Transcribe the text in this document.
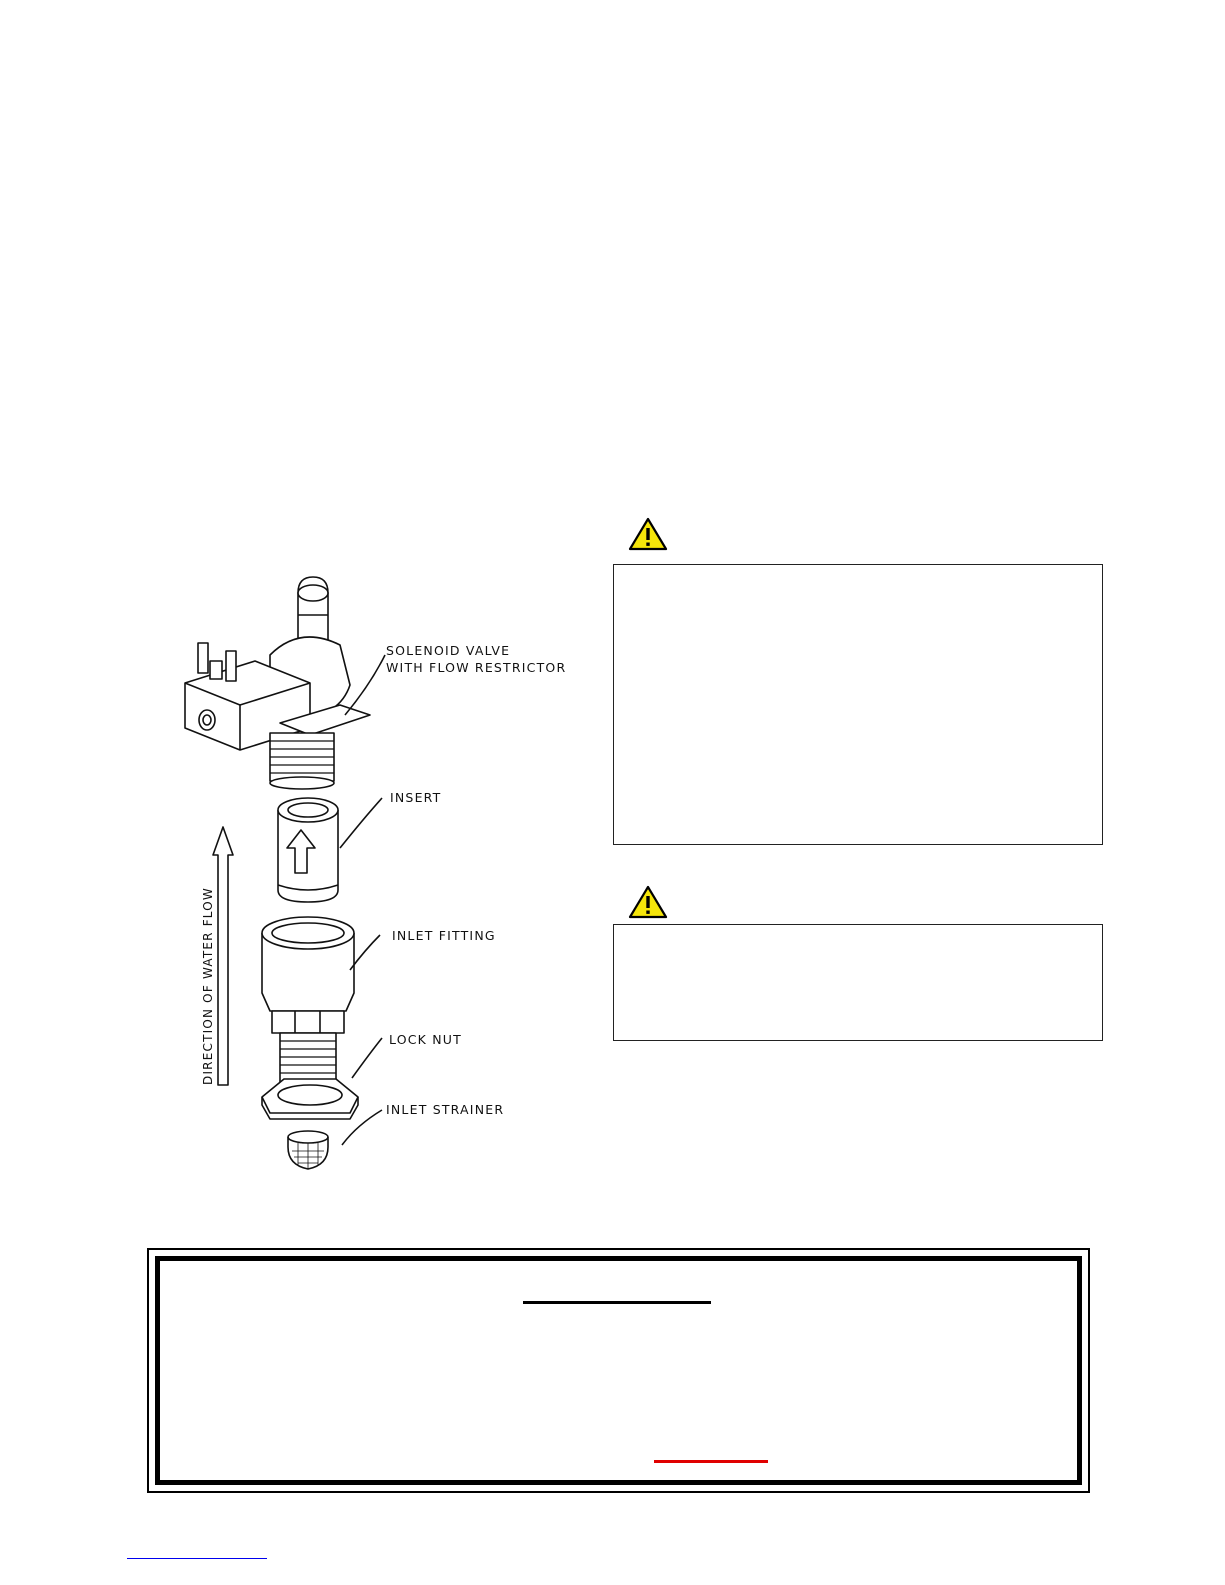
SOLENOID VALVE
WITH FLOW RESTRICTOR
INSERT
INLET FITTING
LOCK NUT
INLET STRAINER
DIRECTION OF WATER FLOW
